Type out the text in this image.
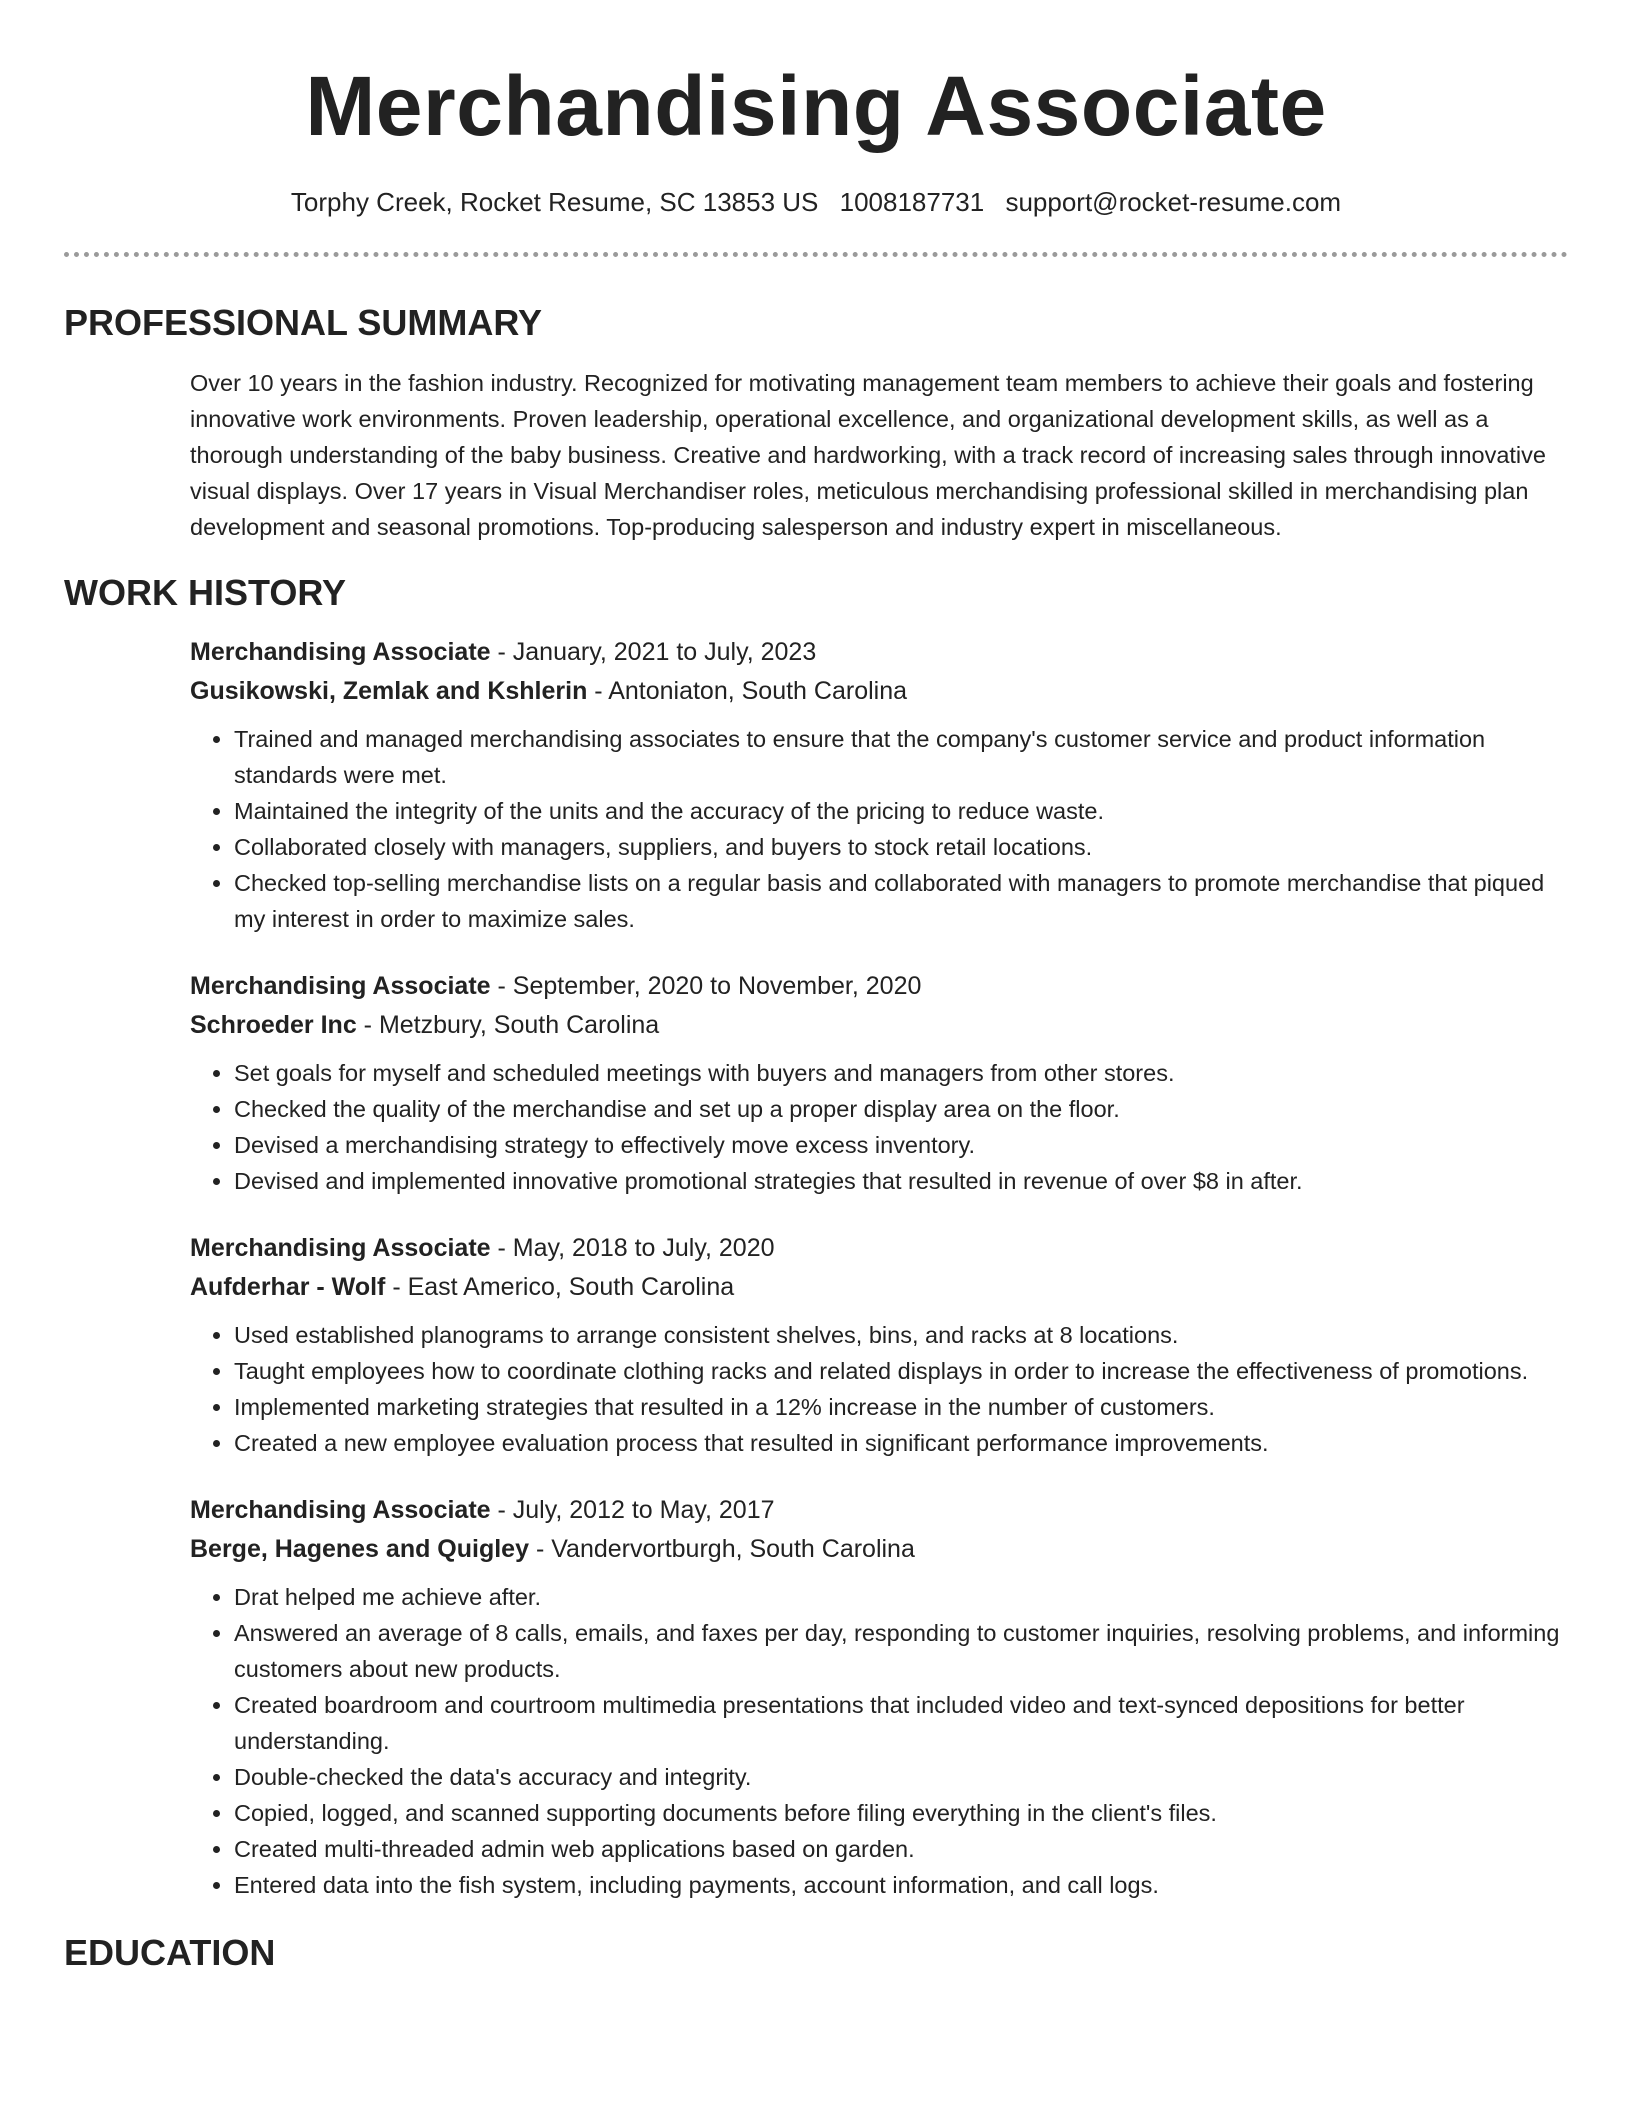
Merchandising Associate
Torphy Creek, Rocket Resume, SC 13853 US 1008187731 support@rocket-resume.com
PROFESSIONAL SUMMARY

Over 10 years in the fashion industry. Recognized for motivating management team members to achieve their goals and fostering innovative work environments. Proven leadership, operational excellence, and organizational development skills, as well as a thorough understanding of the baby business. Creative and hardworking, with a track record of increasing sales through innovative visual displays. Over 17 years in Visual Merchandiser roles, meticulous merchandising professional skilled in merchandising plan development and seasonal promotions. Top-producing salesperson and industry expert in miscellaneous.

WORK HISTORY
Merchandising Associate - January, 2021 to July, 2023
Gusikowski, Zemlak and Kshlerin - Antoniaton, South Carolina
• Trained and managed merchandising associates to ensure that the company's customer service and product information standards were met.
• Maintained the integrity of the units and the accuracy of the pricing to reduce waste.
• Collaborated closely with managers, suppliers, and buyers to stock retail locations.
• Checked top-selling merchandise lists on a regular basis and collaborated with managers to promote merchandise that piqued my interest in order to maximize sales.
Merchandising Associate - September, 2020 to November, 2020
Schroeder Inc - Metzbury, South Carolina
• Set goals for myself and scheduled meetings with buyers and managers from other stores.
• Checked the quality of the merchandise and set up a proper display area on the floor.
• Devised a merchandising strategy to effectively move excess inventory.
• Devised and implemented innovative promotional strategies that resulted in revenue of over $8 in after.
Merchandising Associate - May, 2018 to July, 2020
Aufderhar - Wolf - East Americo, South Carolina
• Used established planograms to arrange consistent shelves, bins, and racks at 8 locations.
• Taught employees how to coordinate clothing racks and related displays in order to increase the effectiveness of promotions.
• Implemented marketing strategies that resulted in a 12% increase in the number of customers.
• Created a new employee evaluation process that resulted in significant performance improvements.
Merchandising Associate - July, 2012 to May, 2017
Berge, Hagenes and Quigley - Vandervortburgh, South Carolina
• Drat helped me achieve after.
• Answered an average of 8 calls, emails, and faxes per day, responding to customer inquiries, resolving problems, and informing customers about new products.
• Created boardroom and courtroom multimedia presentations that included video and text-synced depositions for better understanding.
• Double-checked the data's accuracy and integrity.
• Copied, logged, and scanned supporting documents before filing everything in the client's files.
• Created multi-threaded admin web applications based on garden.
• Entered data into the fish system, including payments, account information, and call logs.
EDUCATION
